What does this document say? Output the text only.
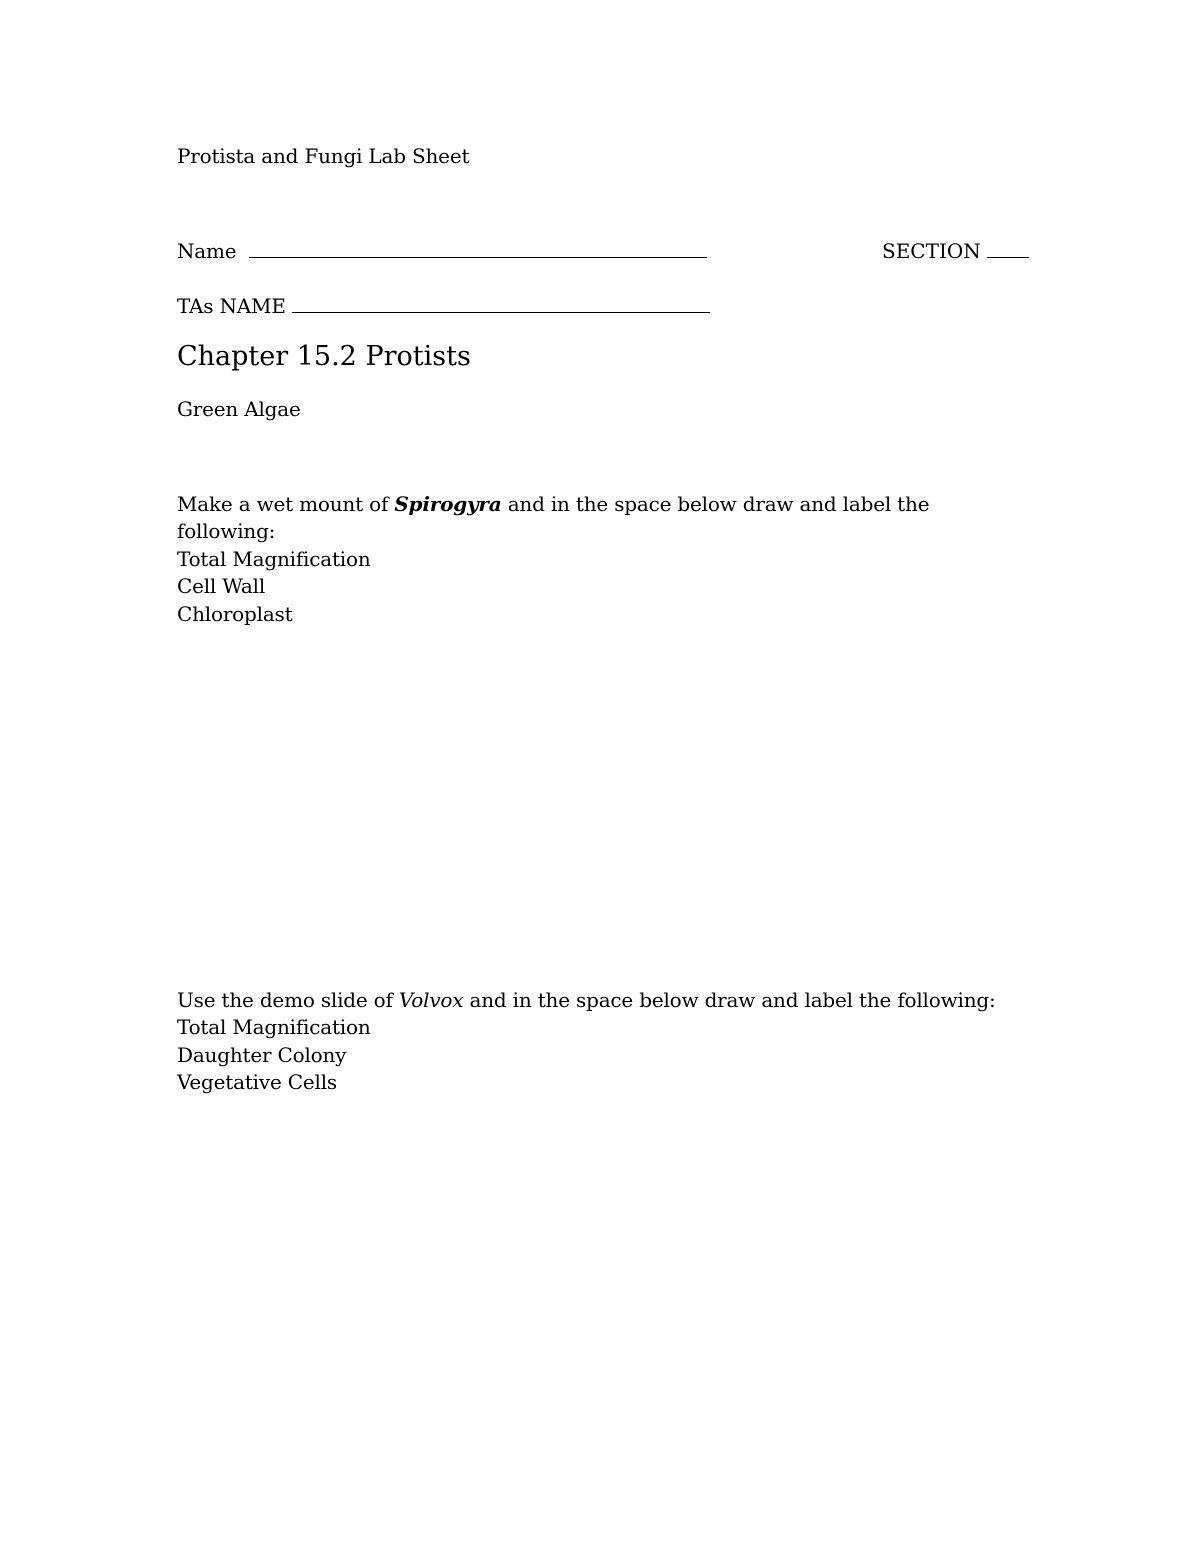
Protista and Fungi Lab Sheet
Name	SECTION
TAs NAME
Chapter 15.2 Protists
Green Algae
Make a wet mount of Spirogyra and in the space below draw and label the
following:
Total Magnification
Cell Wall
Chloroplast
Use the demo slide of Volvox and in the space below draw and label the following:
Total Magnification
Daughter Colony
Vegetative Cells
